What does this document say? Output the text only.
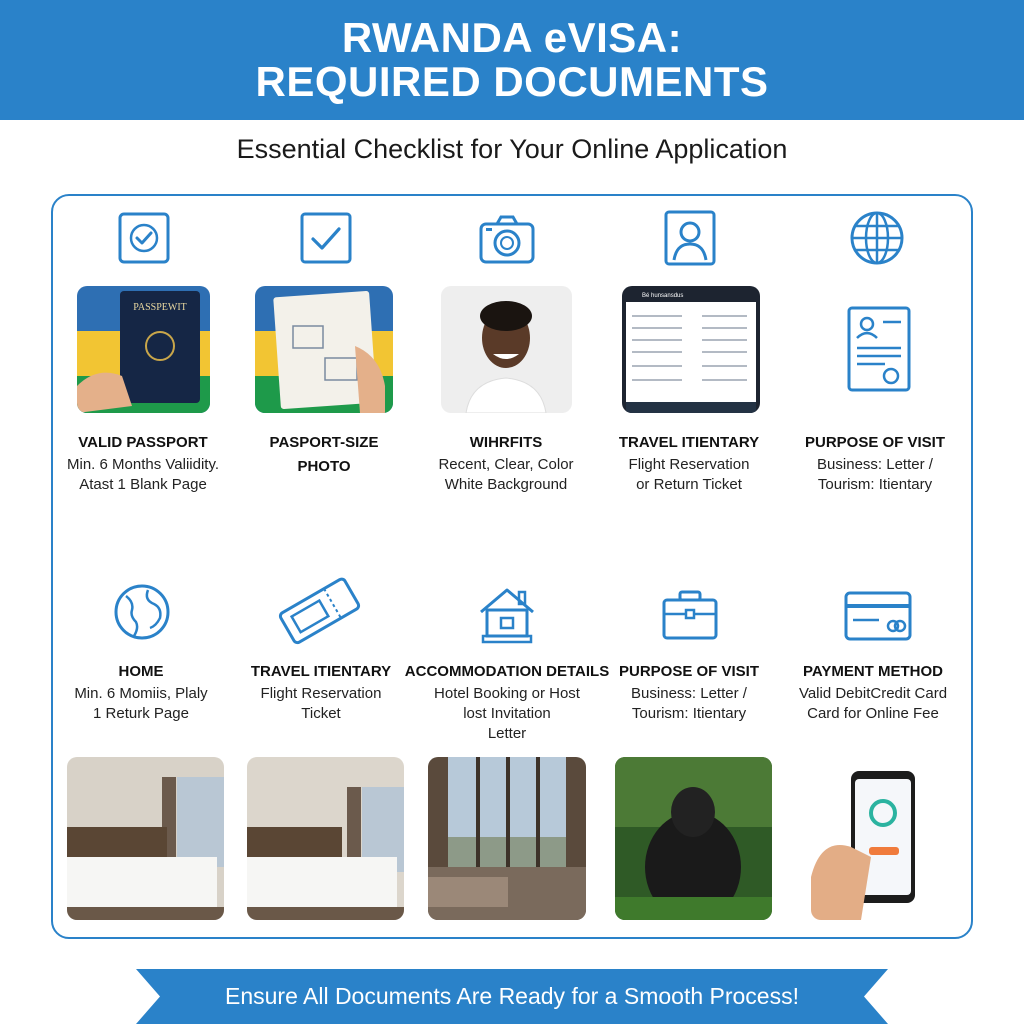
RWANDA eVISA:
REQUIRED DOCUMENTS
Essential Checklist for Your Online Application
PASSPEWIT
Bé hunsansdus
VALID PASSPORT
Min. 6 Months Valiidity.
Atast 1 Blank Page
PASPORT-SIZE
PHOTO
WIHRFITS
Recent, Clear, Color
White Background
TRAVEL ITIENTARY
Flight Reservation
or Return Ticket
PURPOSE OF VISIT
Business: Letter /
Tourism: Itientary
HOME
Min. 6 Momiis, Plaly
1 Returk Page
TRAVEL ITIENTARY
Flight Reservation
Ticket
ACCOMMODATION DETAILS
Hotel Booking or Host
lost Invitation
Letter
PURPOSE OF VISIT
Business: Letter /
Tourism: Itientary
PAYMENT METHOD
Valid DebitCredit Card
Card for Online Fee
Ensure All Documents Are Ready for a Smooth Process!
